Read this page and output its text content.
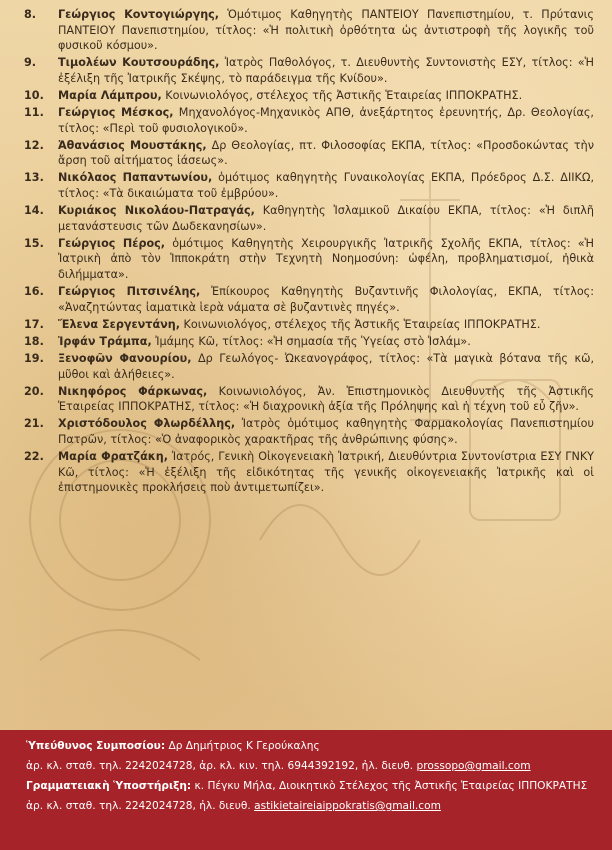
8.	Γεώργιος Κοντογιώργης, Ὁμότιμος Καθηγητὴς ΠΑΝΤΕΙΟΥ Πανεπιστημίου, τ. Πρύτανις ΠΑΝΤΕΙΟΥ Πανεπιστημίου, τίτλος: «Ἡ πολιτικὴ ὀρθότητα ὡς ἀντιστροφὴ τῆς λογικῆς τοῦ φυσικοῦ κόσμου».
9.	Τιμολέων Κουτσουράδης, Ἰατρὸς Παθολόγος, τ. Διευθυντὴς Συντονιστὴς ΕΣΥ, τίτλος: «Ἡ ἐξέλιξη τῆς Ἰατρικῆς Σκέψης, τὸ παράδειγμα τῆς Κνίδου».
10.	Μαρία Λάμπρου, Κοινωνιολόγος, στέλεχος τῆς Ἀστικῆς Ἑταιρείας ΙΠΠΟΚΡΑΤΗΣ.
11.	Γεώργιος Μέσκος, Μηχανολόγος-Μηχανικὸς ΑΠΘ, ἀνεξάρτητος ἐρευνητής, Δρ. Θεολογίας, τίτλος: «Περὶ τοῦ φυσιολογικοῦ».
12.	Ἀθανάσιος Μουστάκης, Δρ Θεολογίας, πτ. Φιλοσοφίας ΕΚΠΑ, τίτλος: «Προσδοκώντας τὴν ἄρση τοῦ αἰτήματος ἰάσεως».
13.	Νικόλαος Παπαντωνίου, ὁμότιμος καθηγητὴς Γυναικολογίας ΕΚΠΑ, Πρόεδρος Δ.Σ. ΔΙΙΚΩ, τίτλος: «Τὰ δικαιώματα τοῦ ἐμβρύου».
14.	Κυριάκος Νικολάου-Πατραγάς, Καθηγητὴς Ἰσλαμικοῦ Δικαίου ΕΚΠΑ, τίτλος: «Ἡ διπλῆ μετανάστευσις τῶν Δωδεκανησίων».
15.	Γεώργιος Πέρος, ὁμότιμος Καθηγητὴς Χειρουργικῆς Ἰατρικῆς Σχολῆς ΕΚΠΑ, τίτλος: «Ἡ Ἰατρικὴ ἀπὸ τὸν Ἱπποκράτη στὴν Τεχνητὴ Νοημοσύνη: ὠφέλη, προβληματισμοί, ἠθικὰ διλήμματα».
16.	Γεώργιος Πιτσινέλης, Ἐπίκουρος Καθηγητὴς Βυζαντινῆς Φιλολογίας, ΕΚΠΑ, τίτλος: «Ἀναζητώντας ἰαματικὰ ἱερὰ νάματα σὲ βυζαντινὲς πηγές».
17.	Ἔλενα Σεργεντάνη, Κοινωνιολόγος, στέλεχος τῆς Ἀστικῆς Ἑταιρείας ΙΠΠΟΚΡΑΤΗΣ.
18.	Ἰρφάν Τράμπα, Ἰμάμης Κῶ, τίτλος: «Ἡ σημασία τῆς Ὑγείας στὸ Ἰσλάμ».
19.	Ξενοφῶν Φανουρίου, Δρ Γεωλόγος- Ὠκεανογράφος, τίτλος: «Τὰ μαγικὰ βότανα τῆς κῶ, μῦθοι καὶ ἀλήθειες».
20.	Νικηφόρος Φάρκωνας, Κοινωνιολόγος, Ἀν. Ἐπιστημονικὸς Διευθυντὴς τῆς Ἀστικῆς Ἑταιρείας ΙΠΠΟΚΡΑΤΗΣ, τίτλος: «Ἡ διαχρονικὴ ἀξία τῆς Πρόληψης καὶ ἡ τέχνη τοῦ εὖ ζῆν».
21.	Χριστόδουλος Φλωρδέλλης, Ἰατρὸς ὁμότιμος καθηγητὴς Φαρμακολογίας Πανεπιστημίου Πατρῶν, τίτλος: «Ὁ ἀναφορικὸς χαρακτῆρας τῆς ἀνθρώπινης φύσης».
22.	Μαρία Φρατζάκη, Ἰατρός, Γενικὴ Οἰκογενειακὴ Ἰατρική, Διευθύντρια Συντονίστρια ΕΣΥ ΓΝΚΥ Κῶ, τίτλος: «Ἡ ἐξέλιξη τῆς εἰδικότητας τῆς γενικῆς οἰκογενειακῆς Ἰατρικῆς καὶ οἱ ἐπιστημονικὲς προκλήσεις ποὺ ἀντιμετωπίζει».
Ὑπεύθυνος Συμποσίου: Δρ Δημήτριος Κ Γερούκαλης
ἀρ. κλ. σταθ. τηλ. 2242024728, ἀρ. κλ. κιν. τηλ. 6944392192, ἠλ. διευθ. prossopo@gmail.com
Γραμματειακὴ Ὑποστήριξη: κ. Πέγκυ Μήλα, Διοικητικὸ Στέλεχος τῆς Ἀστικῆς Ἑταιρείας ΙΠΠΟΚΡΑΤΗΣ
ἀρ. κλ. σταθ. τηλ. 2242024728, ἠλ. διευθ. astikietaireiaippokratis@gmail.com
